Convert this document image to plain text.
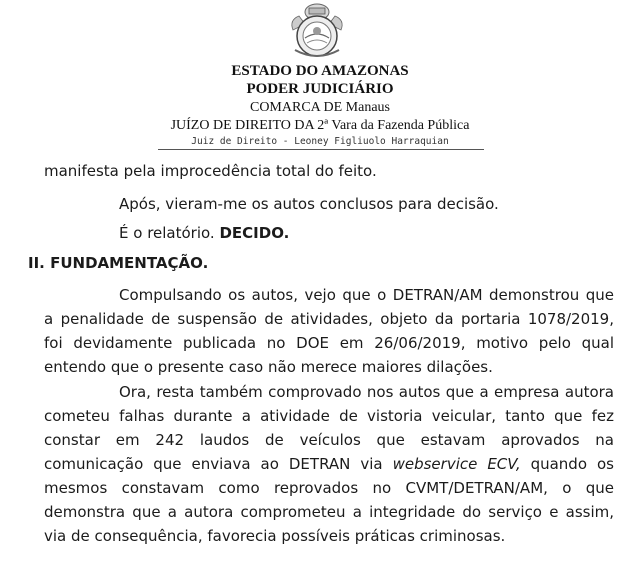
ESTADO DO AMAZONAS
PODER JUDICIÁRIO
COMARCA DE Manaus
JUÍZO DE DIREITO DA 2ª Vara da Fazenda Pública
Juiz de Direito - Leoney Figliuolo Harraquian
manifesta pela improcedência total do feito.
Após, vieram-me os autos conclusos para decisão.
É o relatório. DECIDO.
II. FUNDAMENTAÇÃO.
Compulsando os autos, vejo que o DETRAN/AM demonstrou que
a penalidade de suspensão de atividades, objeto da portaria 1078/2019,
foi devidamente publicada no DOE em 26/06/2019, motivo pelo qual
entendo que o presente caso não merece maiores dilações.
Ora, resta também comprovado nos autos que a empresa autora
cometeu falhas durante a atividade de vistoria veicular, tanto que fez
constar em 242 laudos de veículos que estavam aprovados na
comunicação que enviava ao DETRAN via webservice ECV, quando os
mesmos constavam como reprovados no CVMT/DETRAN/AM, o que
demonstra que a autora comprometeu a integridade do serviço e assim,
via de consequência, favorecia possíveis práticas criminosas.
